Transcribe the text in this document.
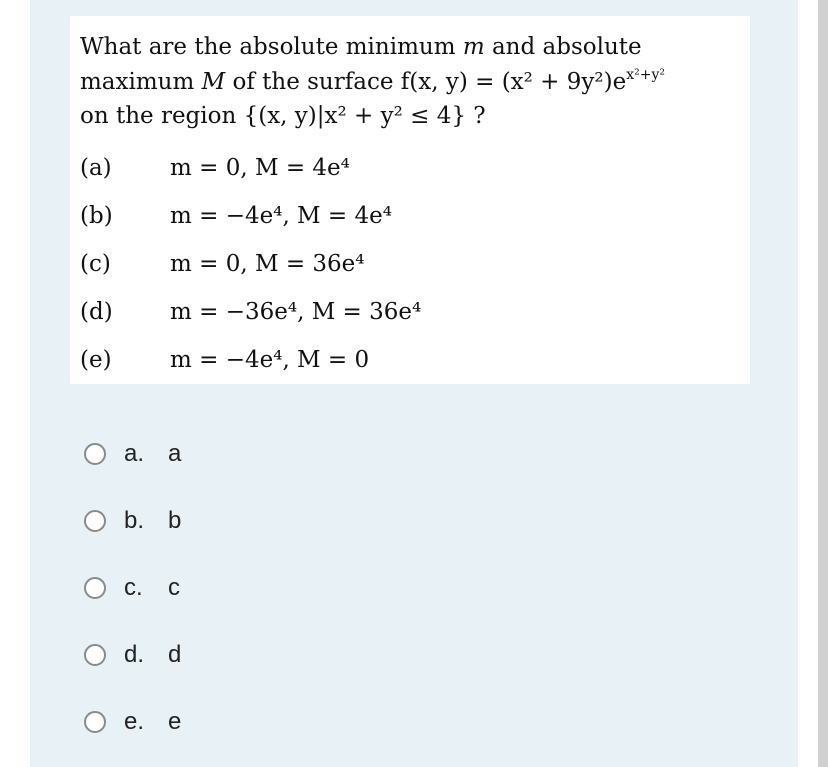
What are the absolute minimum m and absolute
maximum M of the surface f(x, $y) = (x^2 + 9y^2)e^{x^2+y^2}$
on the region {(x, y)|x² + y² ≤ 4} ?
(a)	m = 0, M = 4e⁴
(b) m = −4e⁴, M = 4e⁴
(c)	m = 0, M = 36e⁴
(d) m = −36e⁴, M = 36e⁴
(e)	m = −4e⁴, M = 0
a. a
b. b
c.	c
d. d
e. e
